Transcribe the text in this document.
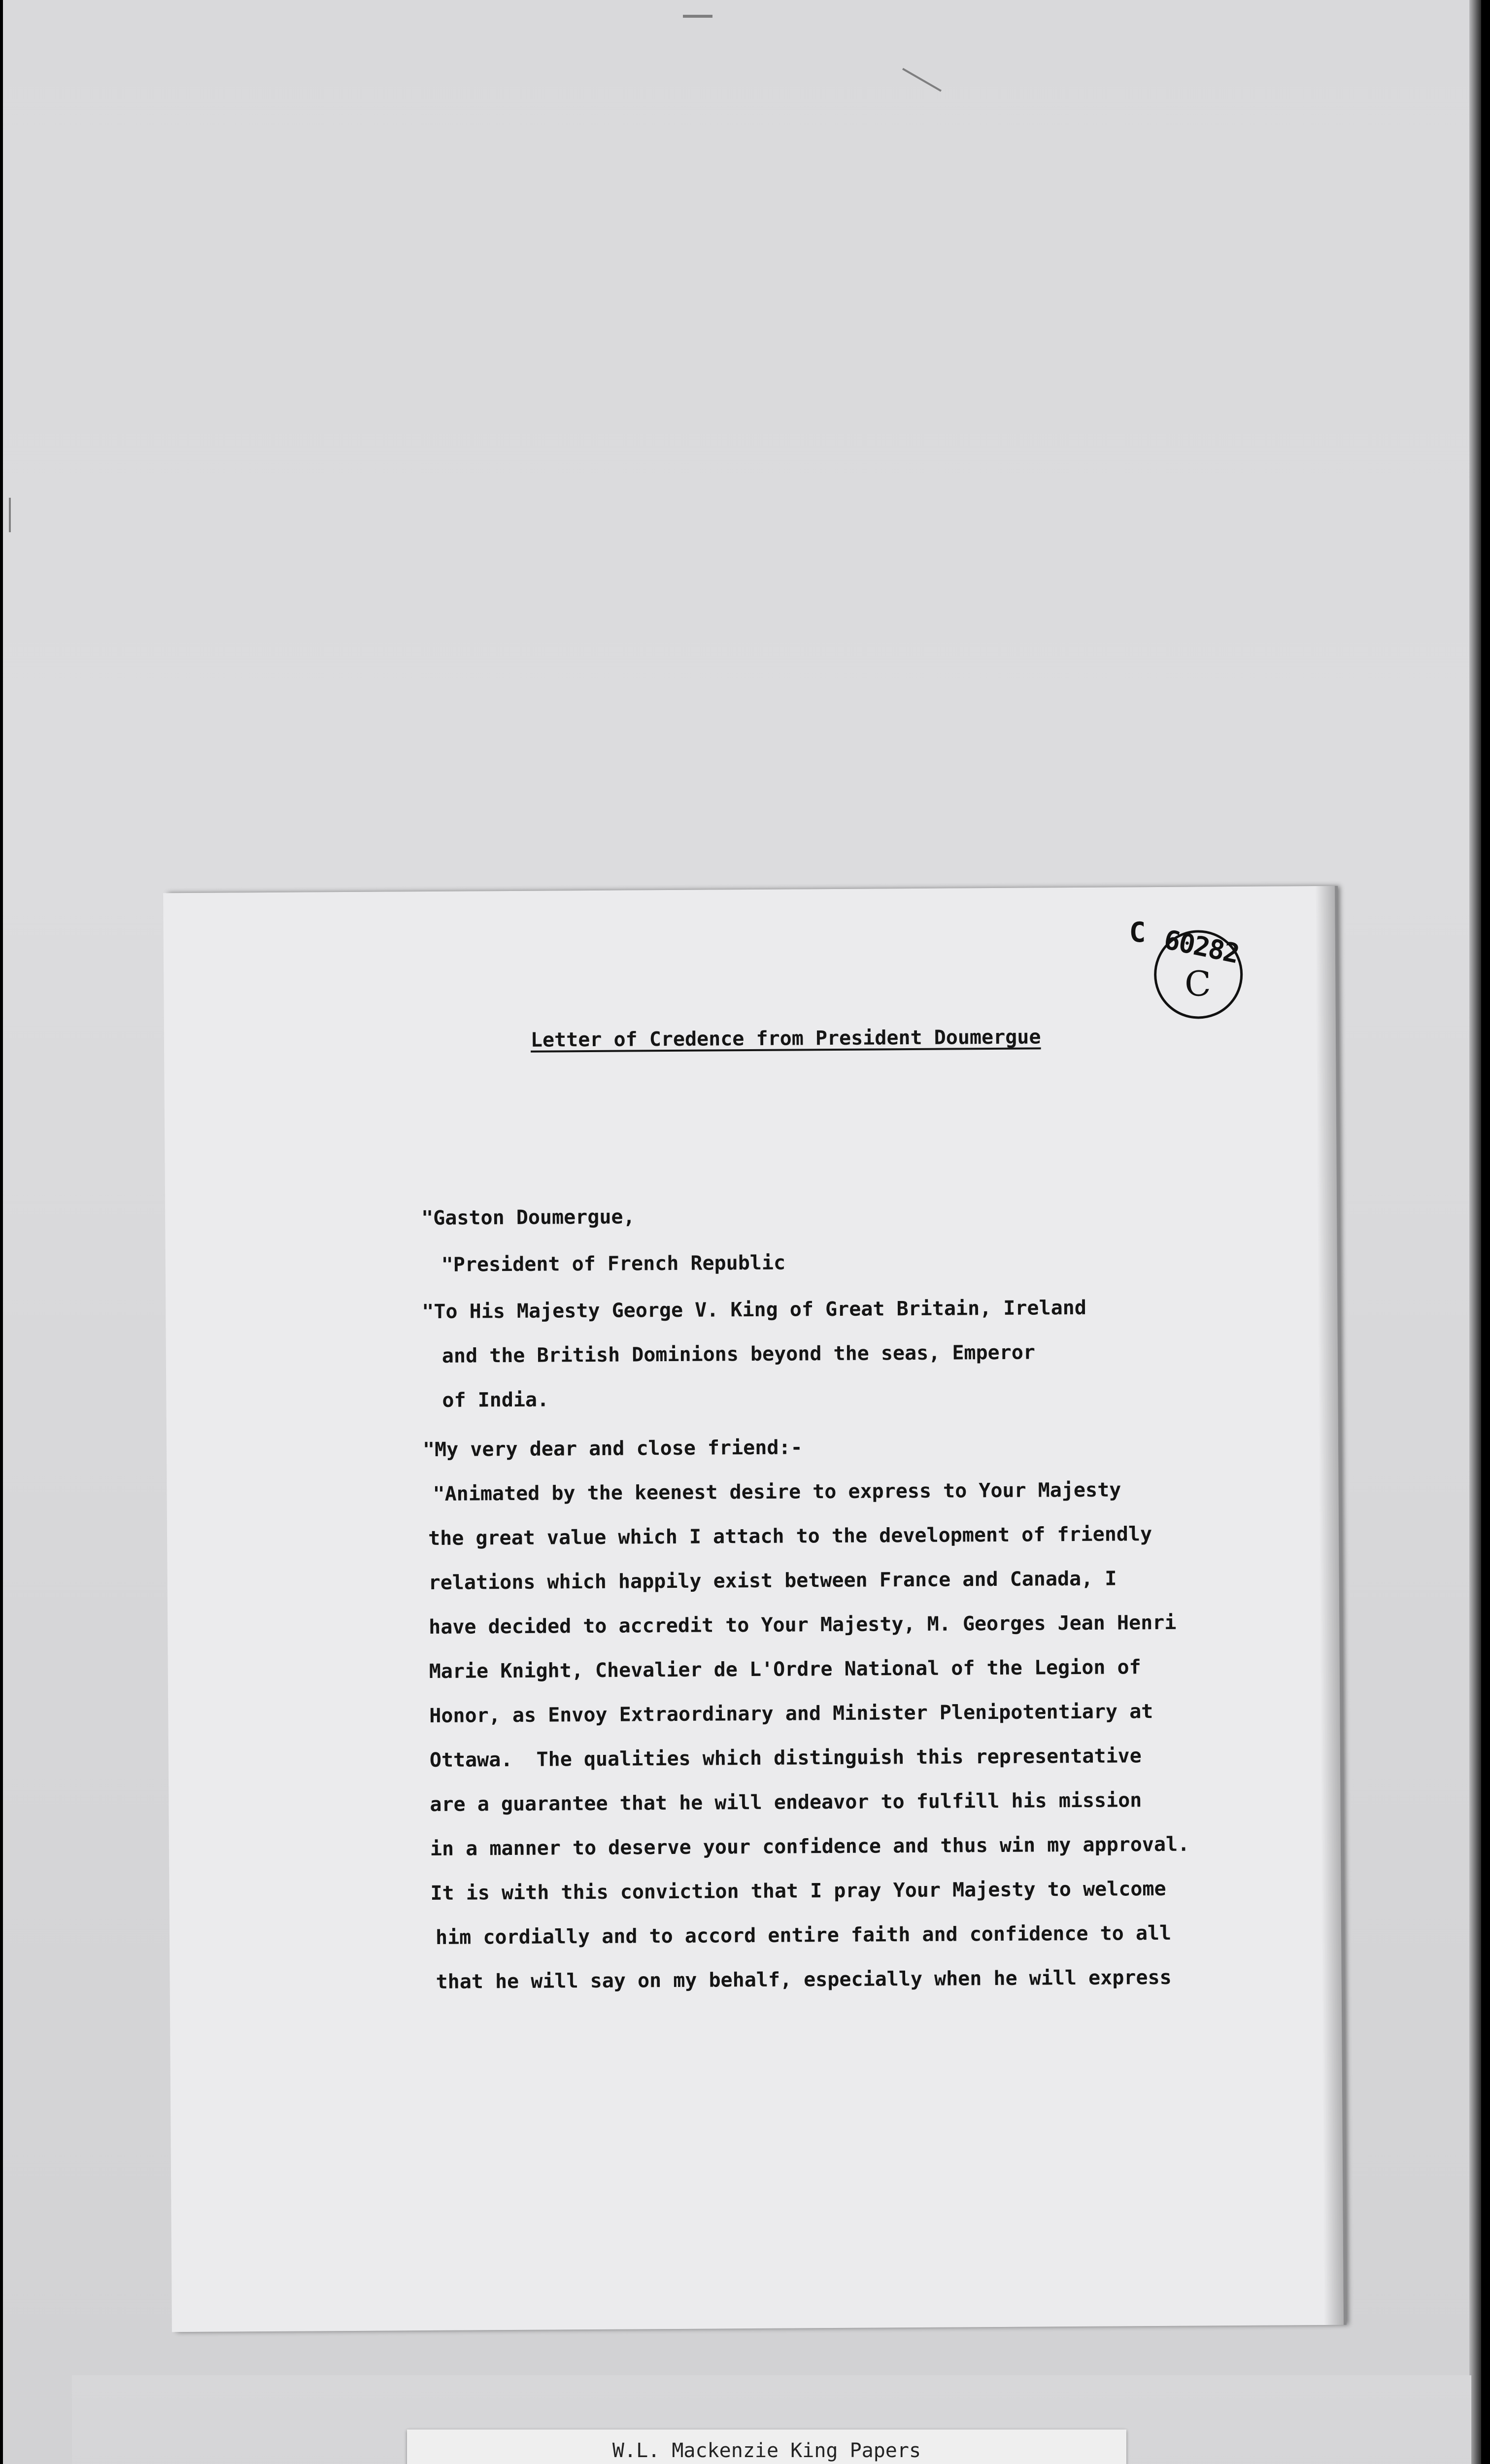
C 60282
C
Letter of Credence from President Doumergue
"Gaston Doumergue,
"President of French Republic
"To His Majesty George V. King of Great Britain, Ireland
and the British Dominions beyond the seas, Emperor
of India.
"My very dear and close friend:-
"Animated by the keenest desire to express to Your Majesty
the great value which I attach to the development of friendly
relations which happily exist between France and Canada, I
have decided to accredit to Your Majesty, M. Georges Jean Henri
Marie Knight, Chevalier de L'Ordre National of the Legion of
Honor, as Envoy Extraordinary and Minister Plenipotentiary at
Ottawa.  The qualities which distinguish this representative
are a guarantee that he will endeavor to fulfill his mission
in a manner to deserve your confidence and thus win my approval.
It is with this conviction that I pray Your Majesty to welcome
him cordially and to accord entire faith and confidence to all
that he will say on my behalf, especially when he will express
W.L. Mackenzie King Papers
